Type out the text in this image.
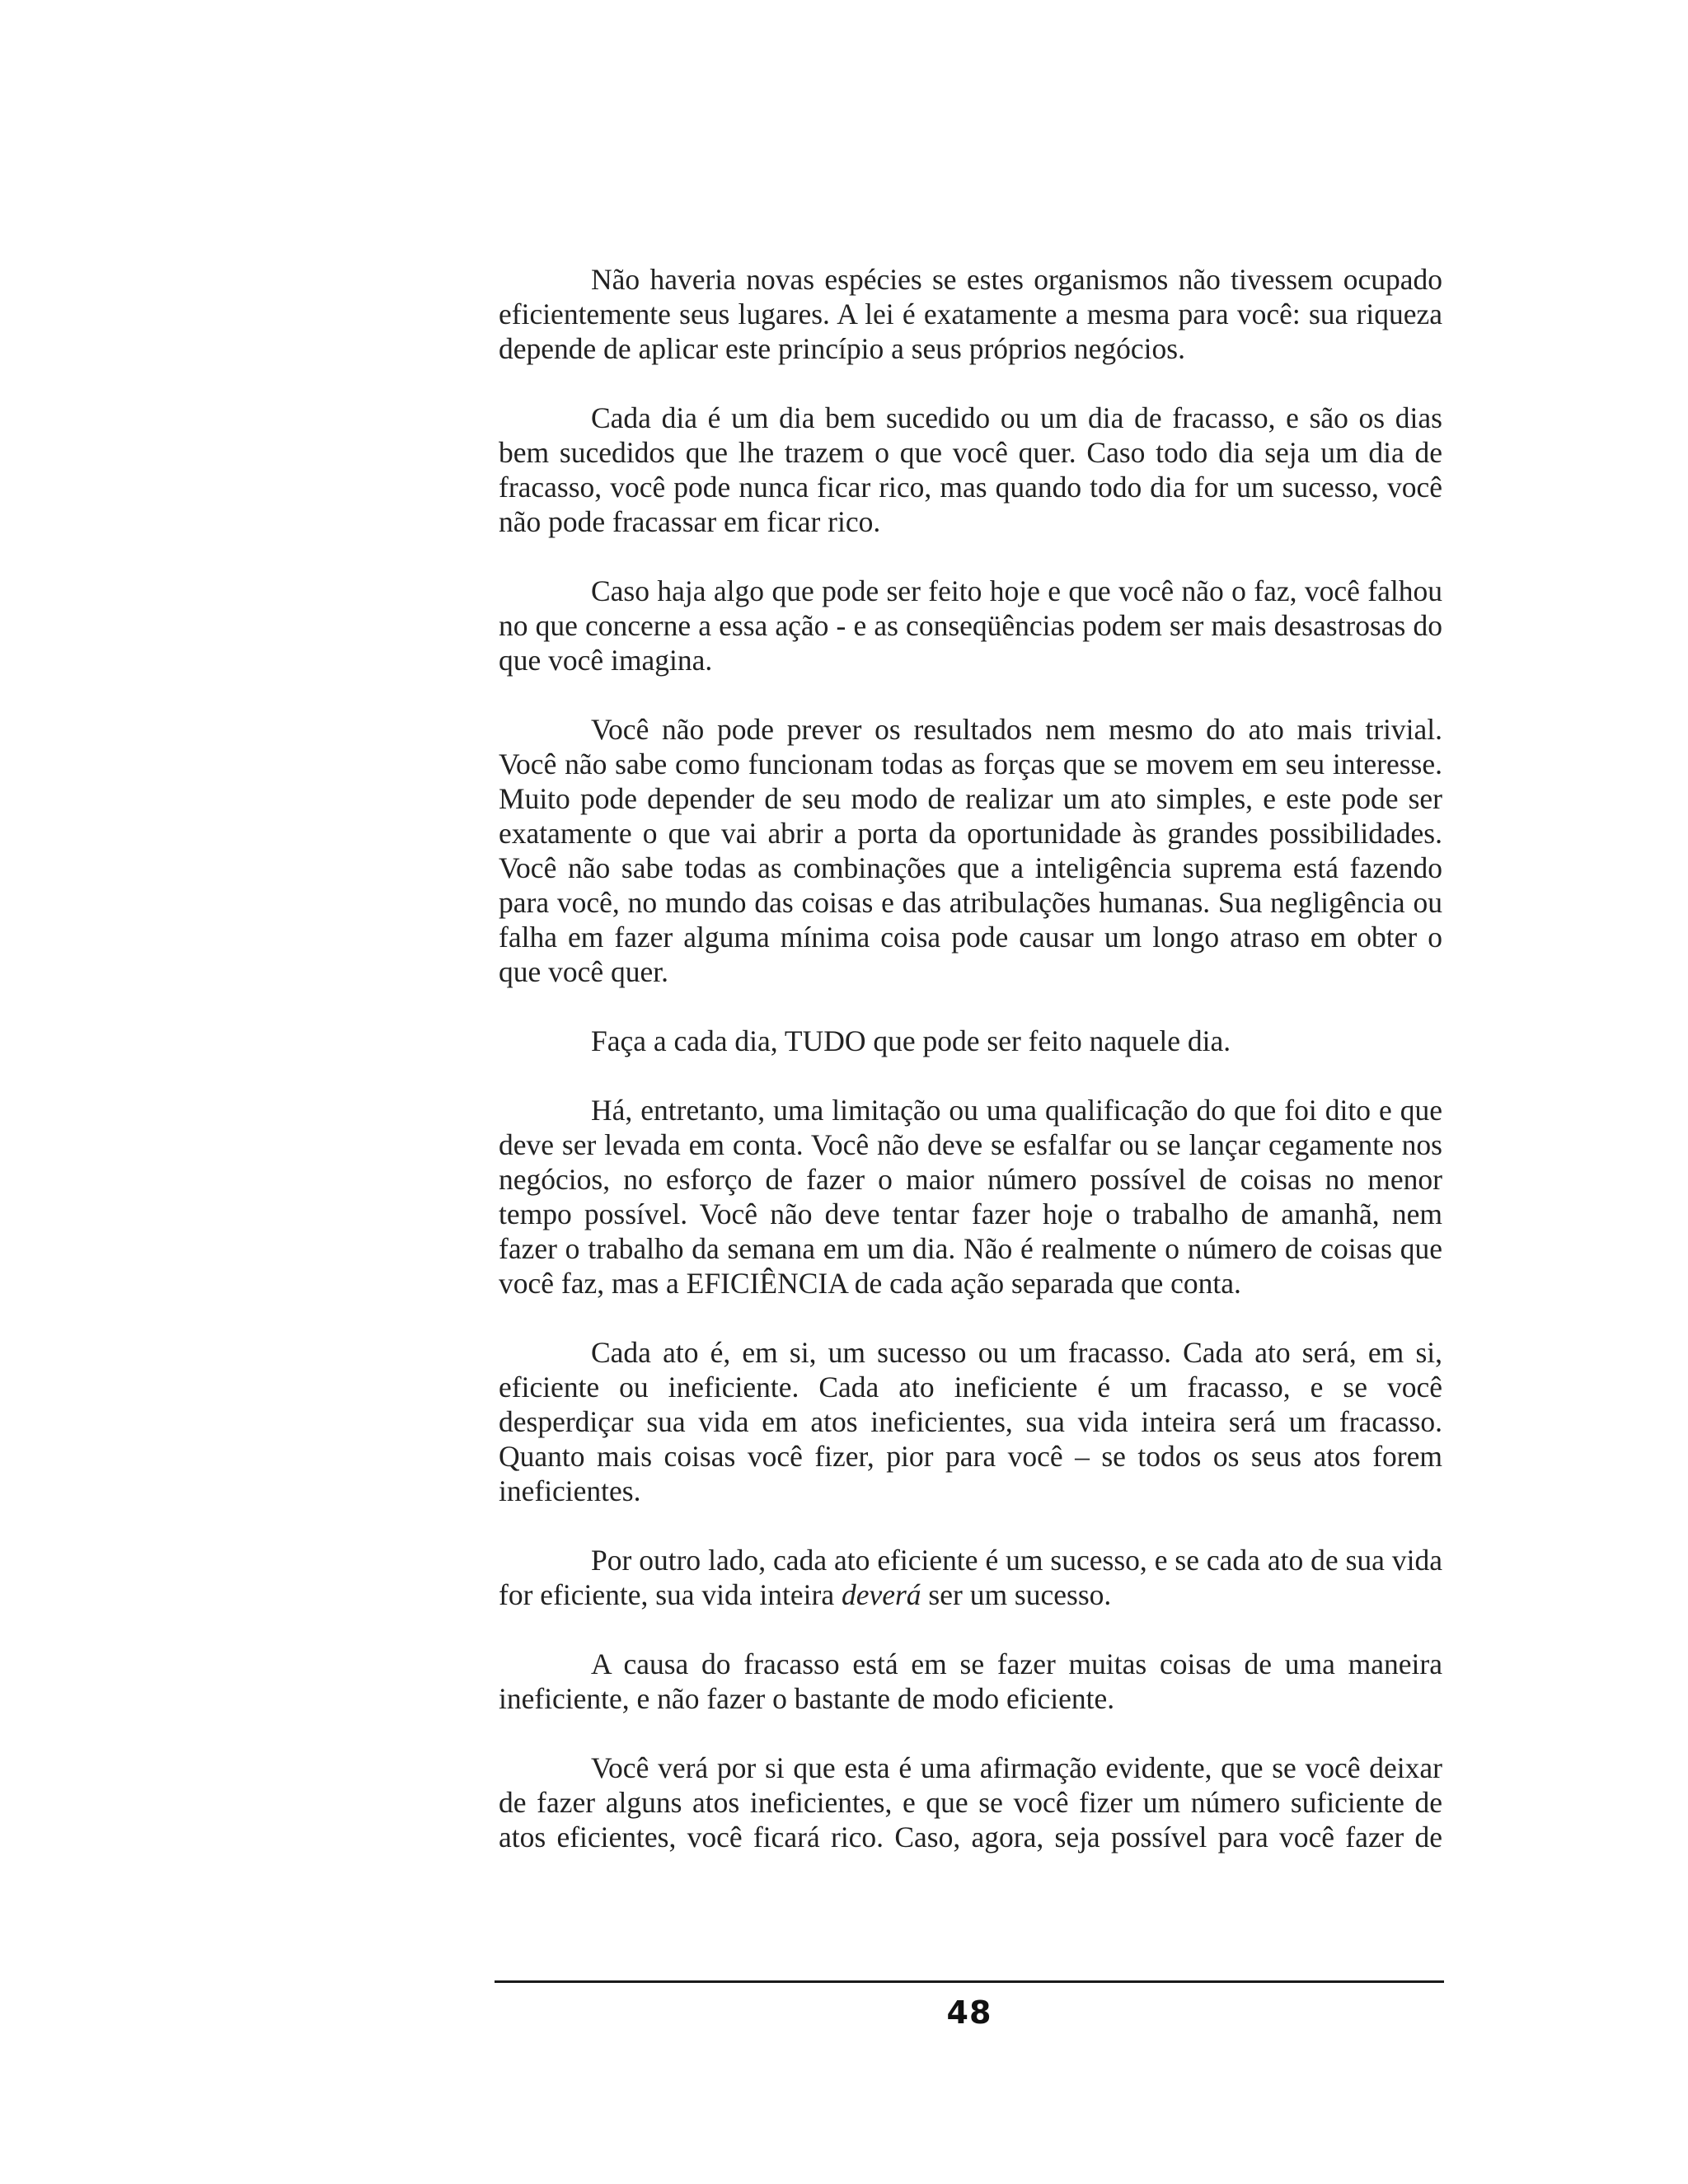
Não haveria novas espécies se estes organismos não tivessem ocupado eficientemente seus lugares. A lei é exatamente a mesma para você: sua riqueza depende de aplicar este princípio a seus próprios negócios.

Cada dia é um dia bem sucedido ou um dia de fracasso, e são os dias bem sucedidos que lhe trazem o que você quer. Caso todo dia seja um dia de fracasso, você pode nunca ficar rico, mas quando todo dia for um sucesso, você não pode fracassar em ficar rico.

Caso haja algo que pode ser feito hoje e que você não o faz, você falhou no que concerne a essa ação - e as conseqüências podem ser mais desastrosas do que você imagina.

Você não pode prever os resultados nem mesmo do ato mais trivial. Você não sabe como funcionam todas as forças que se movem em seu interesse. Muito pode depender de seu modo de realizar um ato simples, e este pode ser exatamente o que vai abrir a porta da oportunidade às grandes possibilidades. Você não sabe todas as combinações que a inteligência suprema está fazendo para você, no mundo das coisas e das atribulações humanas. Sua negligência ou falha em fazer alguma mínima coisa pode causar um longo atraso em obter o que você quer.

Faça a cada dia, TUDO que pode ser feito naquele dia.

Há, entretanto, uma limitação ou uma qualificação do que foi dito e que deve ser levada em conta. Você não deve se esfalfar ou se lançar cegamente nos negócios, no esforço de fazer o maior número possível de coisas no menor tempo possível. Você não deve tentar fazer hoje o trabalho de amanhã, nem fazer o trabalho da semana em um dia. Não é realmente o número de coisas que você faz, mas a EFICIÊNCIA de cada ação separada que conta.

Cada ato é, em si, um sucesso ou um fracasso. Cada ato será, em si, eficiente ou ineficiente. Cada ato ineficiente é um fracasso, e se você desperdiçar sua vida em atos ineficientes, sua vida inteira será um fracasso. Quanto mais coisas você fizer, pior para você – se todos os seus atos forem ineficientes.

Por outro lado, cada ato eficiente é um sucesso, e se cada ato de sua vida for eficiente, sua vida inteira deverá ser um sucesso.

A causa do fracasso está em se fazer muitas coisas de uma maneira ineficiente, e não fazer o bastante de modo eficiente.

Você verá por si que esta é uma afirmação evidente, que se você deixar de fazer alguns atos ineficientes, e que se você fizer um número suficiente de atos eficientes, você ficará rico. Caso, agora, seja possível para você fazer de

48
